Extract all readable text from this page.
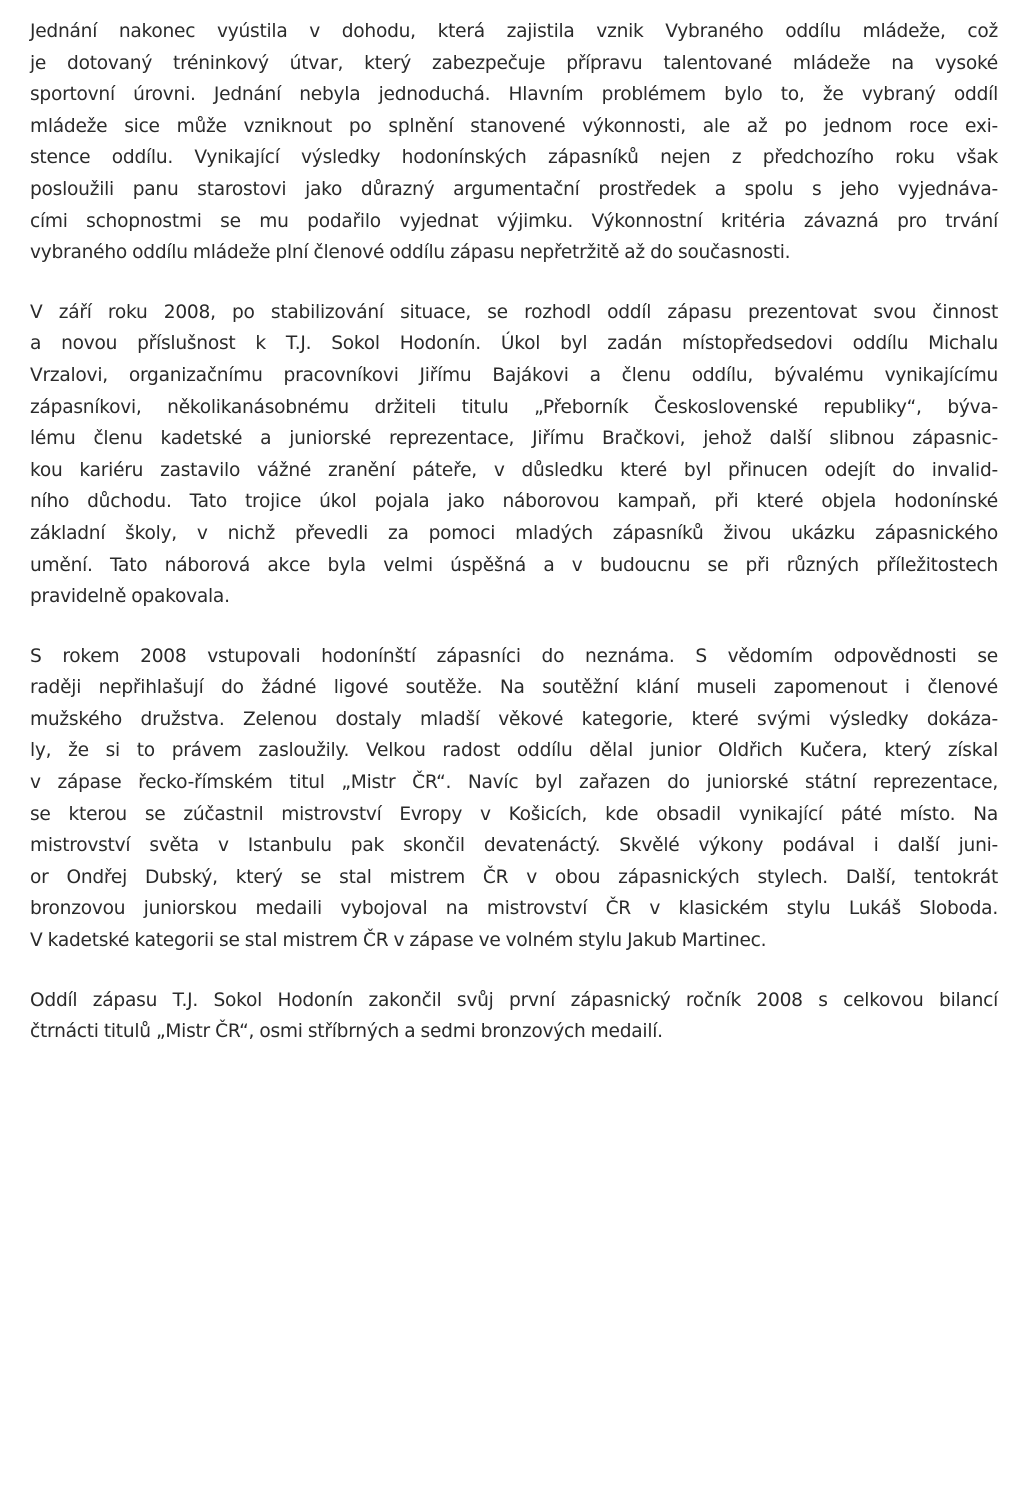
Jednání nakonec vyústila v dohodu, která zajistila vznik Vybraného oddílu mládeže, což
je dotovaný tréninkový útvar, který zabezpečuje přípravu talentované mládeže na vysoké
sportovní úrovni. Jednání nebyla jednoduchá. Hlavním problémem bylo to, že vybraný oddíl
mládeže sice může vzniknout po splnění stanovené výkonnosti, ale až po jednom roce exi-
stence oddílu. Vynikající výsledky hodonínských zápasníků nejen z předchozího roku však
posloužili panu starostovi jako důrazný argumentační prostředek a spolu s jeho vyjednáva-
cími schopnostmi se mu podařilo vyjednat výjimku. Výkonnostní kritéria závazná pro trvání
vybraného oddílu mládeže plní členové oddílu zápasu nepřetržitě až do současnosti.

V září roku 2008, po stabilizování situace, se rozhodl oddíl zápasu prezentovat svou činnost
a novou příslušnost k T.J. Sokol Hodonín. Úkol byl zadán místopředsedovi oddílu Michalu
Vrzalovi, organizačnímu pracovníkovi Jiřímu Bajákovi a členu oddílu, bývalému vynikajícímu
zápasníkovi, několikanásobnému držiteli titulu „Přeborník Československé republiky“, býva-
lému členu kadetské a juniorské reprezentace, Jiřímu Bračkovi, jehož další slibnou zápasnic-
kou kariéru zastavilo vážné zranění páteře, v důsledku které byl přinucen odejít do invalid-
ního důchodu. Tato trojice úkol pojala jako náborovou kampaň, při které objela hodonínské
základní školy, v nichž převedli za pomoci mladých zápasníků živou ukázku zápasnického
umění. Tato náborová akce byla velmi úspěšná a v budoucnu se při různých příležitostech
pravidelně opakovala.

S rokem 2008 vstupovali hodonínští zápasníci do neznáma. S vědomím odpovědnosti se
raději nepřihlašují do žádné ligové soutěže. Na soutěžní klání museli zapomenout i členové
mužského družstva. Zelenou dostaly mladší věkové kategorie, které svými výsledky dokáza-
ly, že si to právem zasloužily. Velkou radost oddílu dělal junior Oldřich Kučera, který získal
v zápase řecko-římském titul „Mistr ČR“. Navíc byl zařazen do juniorské státní reprezentace,
se kterou se zúčastnil mistrovství Evropy v Košicích, kde obsadil vynikající páté místo. Na
mistrovství světa v Istanbulu pak skončil devatenáctý. Skvělé výkony podával i další juni-
or Ondřej Dubský, který se stal mistrem ČR v obou zápasnických stylech. Další, tentokrát
bronzovou juniorskou medaili vybojoval na mistrovství ČR v klasickém stylu Lukáš Sloboda.
V kadetské kategorii se stal mistrem ČR v zápase ve volném stylu Jakub Martinec.

Oddíl zápasu T.J. Sokol Hodonín zakončil svůj první zápasnický ročník 2008 s celkovou bilancí
čtrnácti titulů „Mistr ČR“, osmi stříbrných a sedmi bronzových medailí.
